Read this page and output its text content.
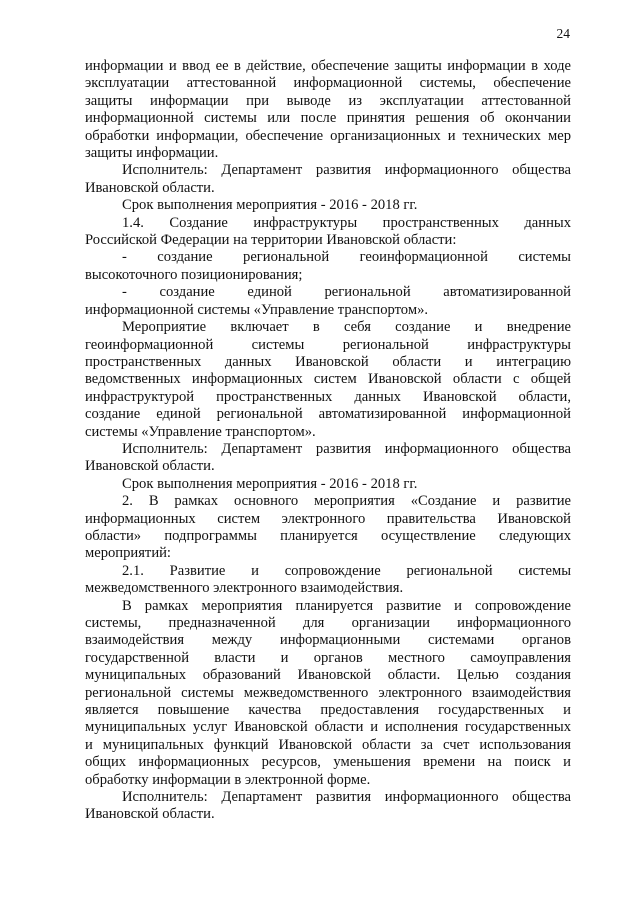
24

информации и ввод ее в действие, обеспечение защиты информации в ходе

эксплуатации аттестованной информационной системы, обеспечение

защиты информации при выводе из эксплуатации аттестованной

информационной системы или после принятия решения об окончании

обработки информации, обеспечение организационных и технических мер

защиты информации.

Исполнитель: Департамент развития информационного общества

Ивановской области.

Срок выполнения мероприятия - 2016 - 2018 гг.

1.4. Создание инфраструктуры пространственных данных

Российской Федерации на территории Ивановской области:

- создание региональной геоинформационной системы

высокоточного позиционирования;

- создание единой региональной автоматизированной

информационной системы «Управление транспортом».

Мероприятие включает в себя создание и внедрение

геоинформационной системы региональной инфраструктуры

пространственных данных Ивановской области и интеграцию

ведомственных информационных систем Ивановской области с общей

инфраструктурой пространственных данных Ивановской области,

создание единой региональной автоматизированной информационной

системы «Управление транспортом».

Исполнитель: Департамент развития информационного общества

Ивановской области.

Срок выполнения мероприятия - 2016 - 2018 гг.

2. В рамках основного мероприятия «Создание и развитие

информационных систем электронного правительства Ивановской

области» подпрограммы планируется осуществление следующих

мероприятий:

2.1. Развитие и сопровождение региональной системы

межведомственного электронного взаимодействия.

В рамках мероприятия планируется развитие и сопровождение

системы, предназначенной для организации информационного

взаимодействия между информационными системами органов

государственной власти и органов местного самоуправления

муниципальных образований Ивановской области. Целью создания

региональной системы межведомственного электронного взаимодействия

является повышение качества предоставления государственных и

муниципальных услуг Ивановской области и исполнения государственных

и муниципальных функций Ивановской области за счет использования

общих информационных ресурсов, уменьшения времени на поиск и

обработку информации в электронной форме.

Исполнитель: Департамент развития информационного общества

Ивановской области.
